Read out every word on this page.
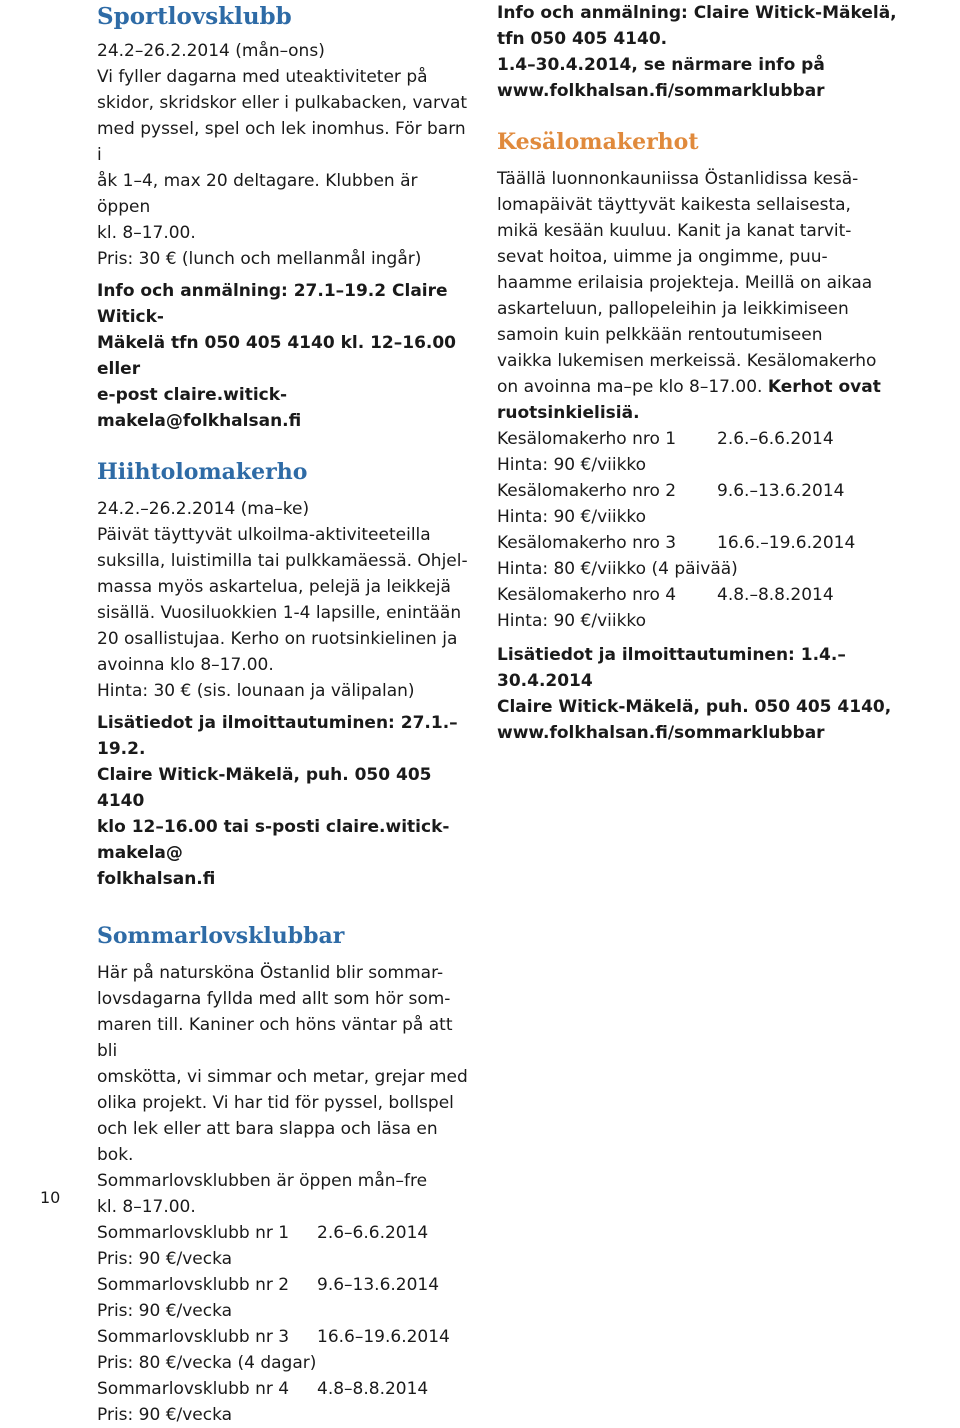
Sportlovsklubb

24.2–26.2.2014 (mån–ons)

Vi fyller dagarna med uteaktiviteter på

skidor, skridskor eller i pulkabacken, varvat

med pyssel, spel och lek inomhus. För barn i

åk 1–4, max 20 deltagare. Klubben är öppen

kl. 8–17.00.

Pris: 30 € (lunch och mellanmål ingår)

Info och anmälning: 27.1–19.2 Claire Witick-

Mäkelä tfn 050 405 4140 kl. 12–16.00 eller

e-post claire.witick-makela@folkhalsan.fi

Hiihtolomakerho

24.2.–26.2.2014 (ma–ke)

Päivät täyttyvät ulkoilma-aktiviteeteilla

suksilla, luistimilla tai pulkkamäessä. Ohjel-

massa myös askartelua, pelejä ja leikkejä

sisällä. Vuosiluokkien 1-4 lapsille, enintään

20 osallistujaa. Kerho on ruotsinkielinen ja

avoinna klo 8–17.00.

Hinta: 30 € (sis. lounaan ja välipalan)

Lisätiedot ja ilmoittautuminen: 27.1.–19.2.

Claire Witick-Mäkelä, puh. 050 405 4140

klo 12–16.00 tai s-posti claire.witick-makela@

folkhalsan.fi

Sommarlovsklubbar

Här på natursköna Östanlid blir sommar-

lovsdagarna fyllda med allt som hör som-

maren till. Kaniner och höns väntar på att bli

omskötta, vi simmar och metar, grejar med

olika projekt. Vi har tid för pyssel, bollspel

och lek eller att bara slappa och läsa en bok.

Sommarlovsklubben är öppen mån–fre

kl. 8–17.00.

Sommarlovsklubb nr 1	2.6–6.6.2014

Pris: 90 €/vecka

Sommarlovsklubb nr 2	9.6–13.6.2014

Pris: 90 €/vecka

Sommarlovsklubb nr 3	16.6–19.6.2014

Pris: 80 €/vecka (4 dagar)

Sommarlovsklubb nr 4	4.8–8.8.2014

Pris: 90 €/vecka

Info och anmälning: Claire Witick-Mäkelä,

tfn 050 405 4140.

1.4–30.4.2014, se närmare info på

www.folkhalsan.fi/sommarklubbar

Kesälomakerhot

Täällä luonnonkauniissa Östanlidissa kesä-

lomapäivät täyttyvät kaikesta sellaisesta,

mikä kesään kuuluu. Kanit ja kanat tarvit-

sevat hoitoa, uimme ja ongimme, puu-

haamme erilaisia projekteja. Meillä on aikaa

askarteluun, pallopeleihin ja leikkimiseen

samoin kuin pelkkään rentoutumiseen

vaikka lukemisen merkeissä. Kesälomakerho

on avoinna ma–pe klo 8–17.00. Kerhot ovat

ruotsinkielisiä.

Kesälomakerho nro 1	2.6.–6.6.2014

Hinta: 90 €/viikko

Kesälomakerho nro 2	9.6.–13.6.2014

Hinta: 90 €/viikko

Kesälomakerho nro 3	16.6.–19.6.2014

Hinta: 80 €/viikko (4 päivää)

Kesälomakerho nro 4	4.8.–8.8.2014

Hinta: 90 €/viikko

Lisätiedot ja ilmoittautuminen: 1.4.–30.4.2014

Claire Witick-Mäkelä, puh. 050 405 4140,

www.folkhalsan.fi/sommarklubbar

10
